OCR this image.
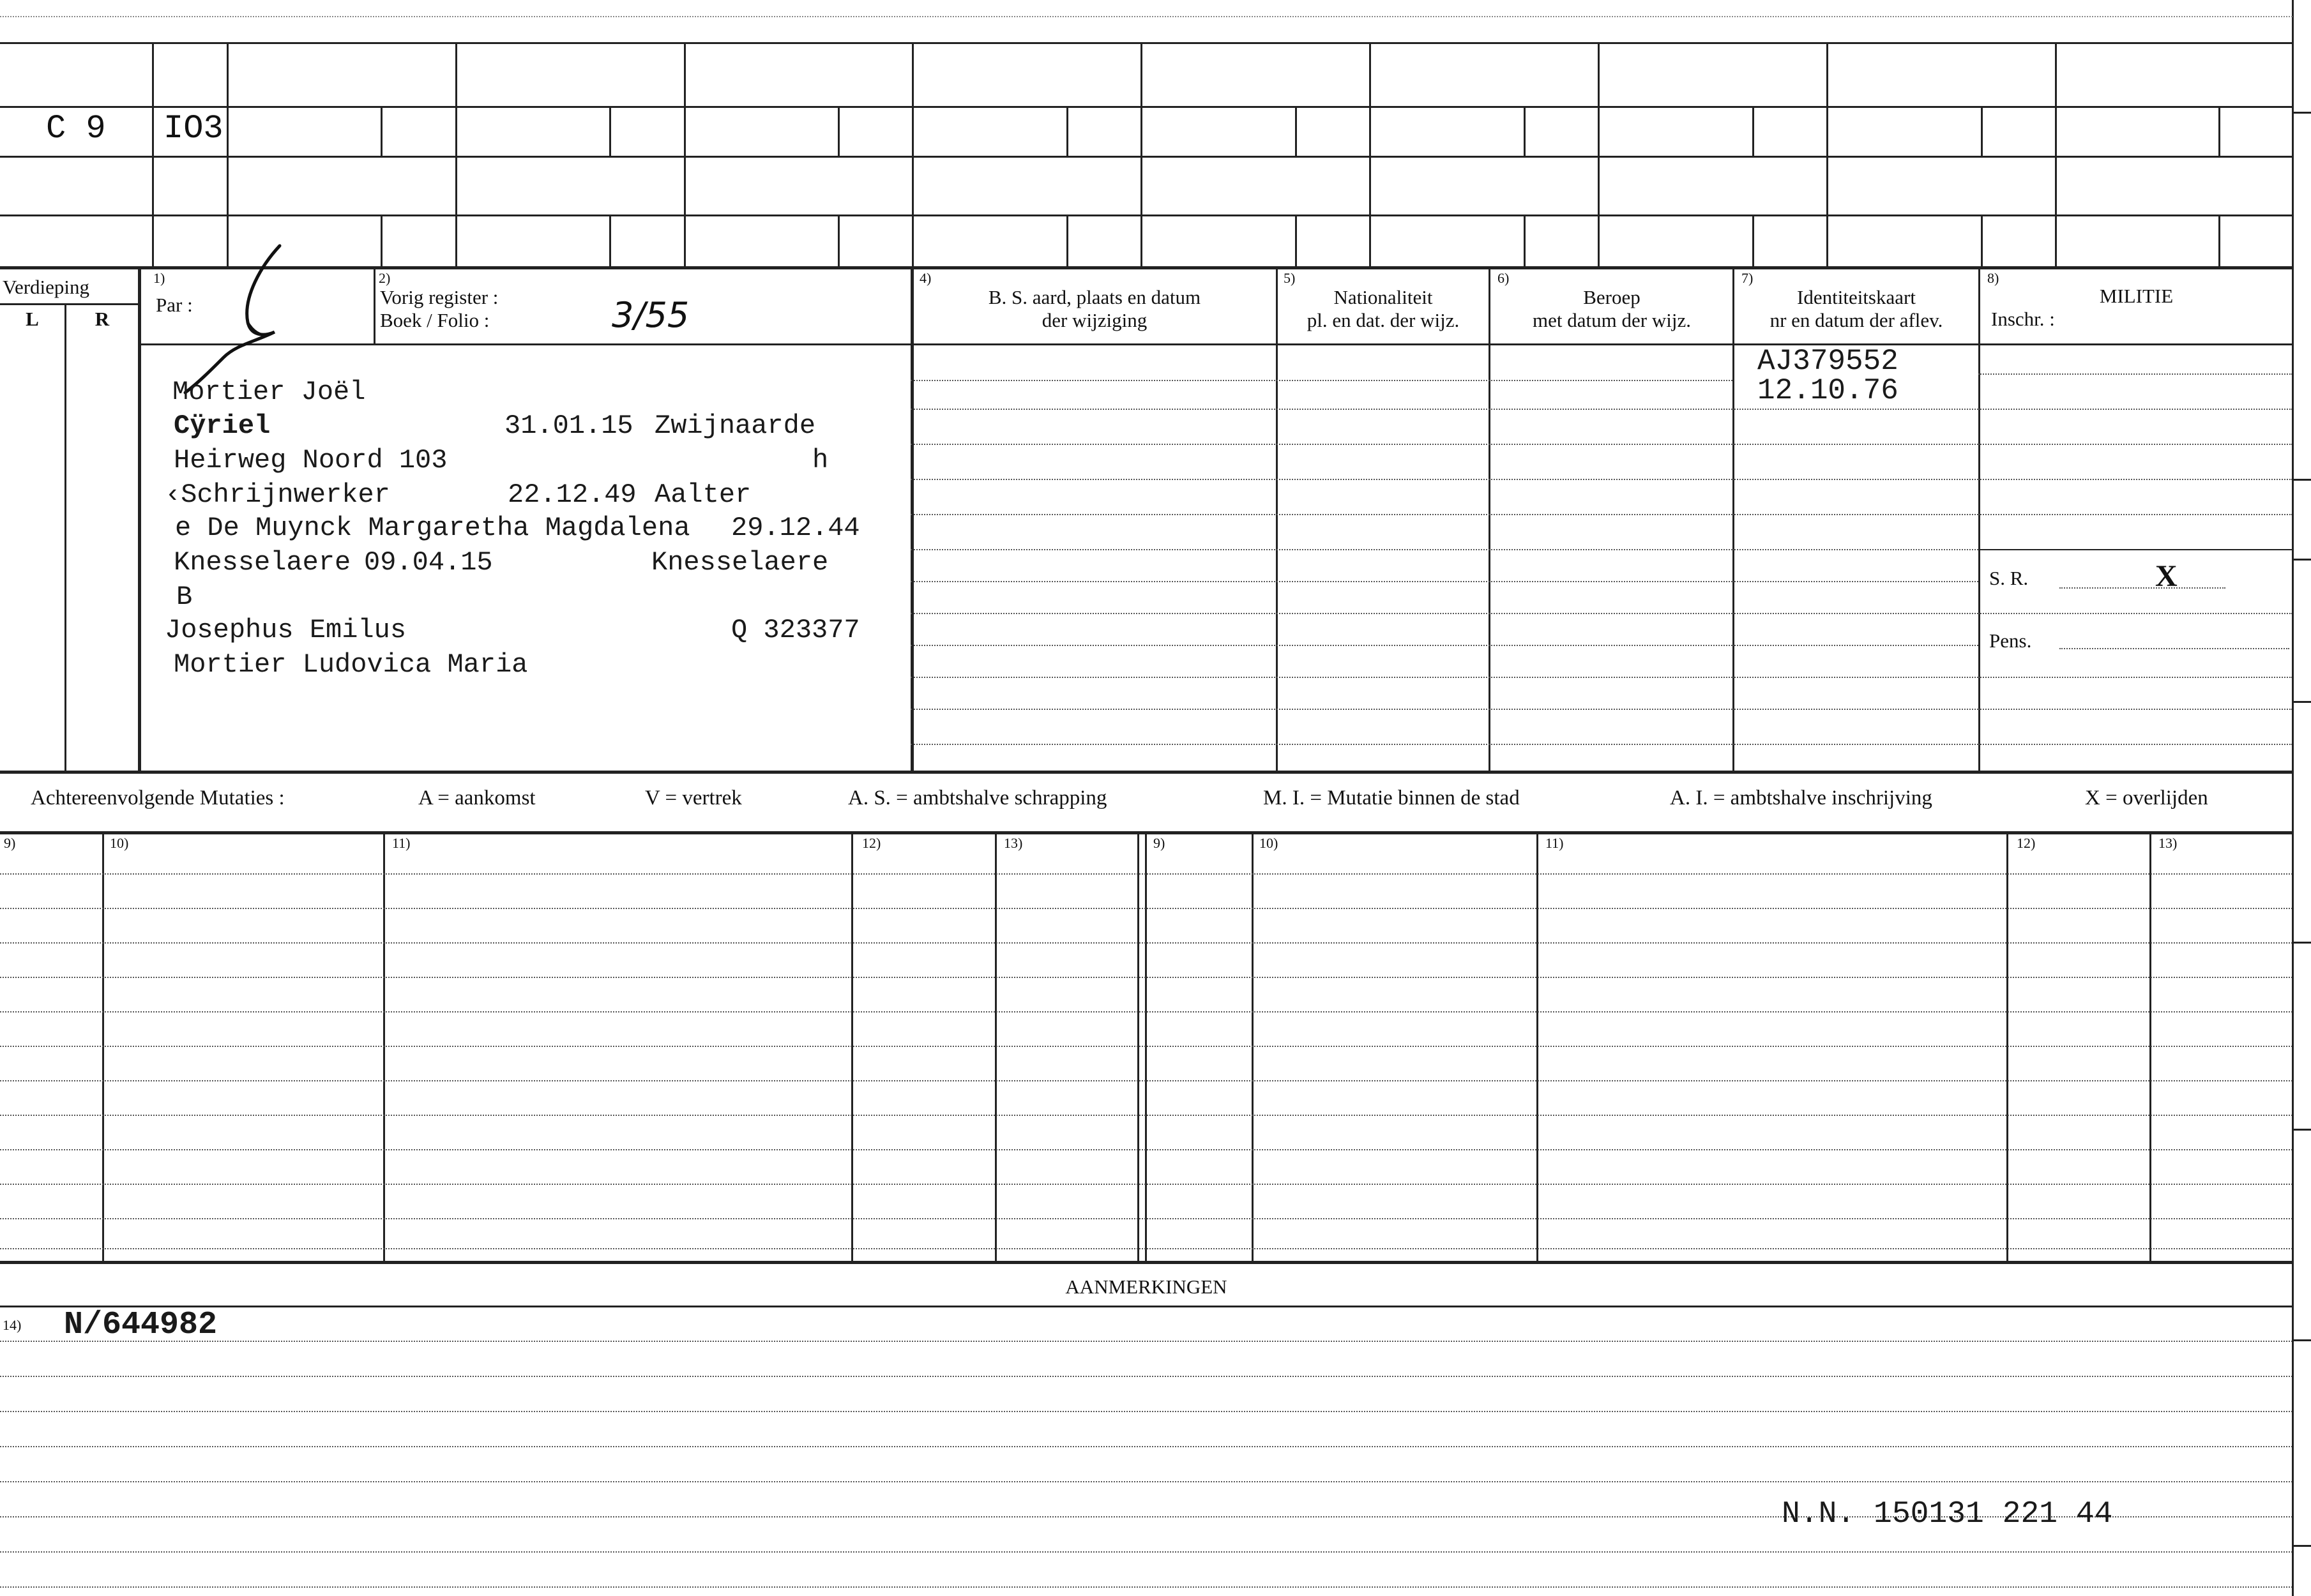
C 9 IO3
Verdieping
L	R
1)
Par :
2)
Vorig register :
Boek / Folio :	3/55
4)
B. S. aard, plaats en datum
der wijziging
5)
Nationaliteit
pl. en dat. der wijz.
6)
Beroep
met datum der wijz.
7)
Identiteitskaart
nr en datum der aflev.
8)
MILITIE
Inschr. :
S. R.	X
Pens.
AJ379552
12.10.76
Mortier Joël
Cÿriel	31.01.15 Zwijnaarde
Heirweg Noord 103	h
‹Schrijnwerker	22.12.49 Aalter
e De Muynck Margaretha Magdalena 29.12.44
Knesselaere 09.04.15	Knesselaere
B
Josephus Emilus	Q 323377
Mortier Ludovica Maria
Achtereenvolgende Mutaties :	A = aankomst	V = vertrek	A. S. = ambtshalve schrapping	M. I. = Mutatie binnen de stad	A. I. = ambtshalve inschrijving	X = overlijden
9)	10)	11)	12)	13)	9)	10)	11)	12)	13)
AANMERKINGEN
14) N/644982
N.N. 150131 221 44
